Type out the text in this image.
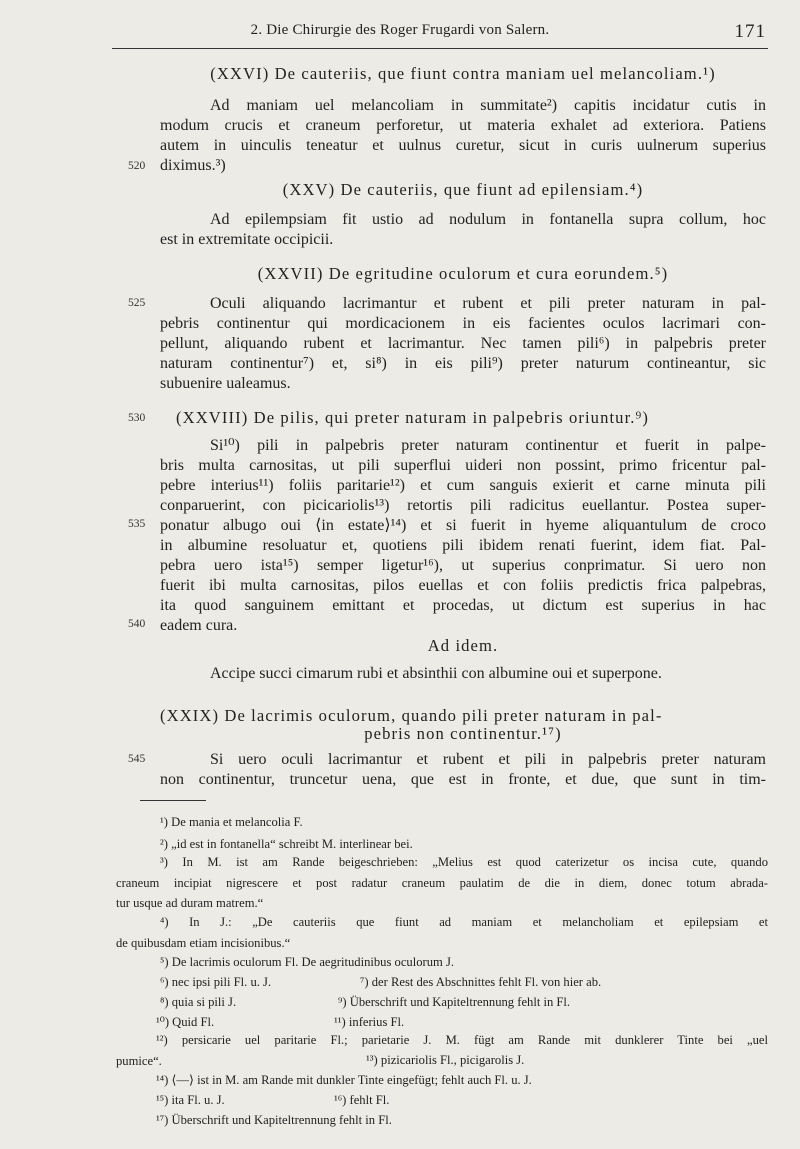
2. Die Chirurgie des Roger Frugardi von Salern.	171
(XXVI) De cauteriis, que fiunt contra maniam uel melancoliam.¹)
Ad maniam uel melancoliam in summitate²) capitis incidatur cutis in
modum crucis et craneum perforetur, ut materia exhalet ad exteriora. Patiens
autem in uinculis teneatur et uulnus curetur, sicut in curis uulnerum superius
diximus.³)
520
(XXV) De cauteriis, que fiunt ad epilensiam.⁴)
Ad epilempsiam fit ustio ad nodulum in fontanella supra collum, hoc
est in extremitate occipicii.
(XXVII) De egritudine oculorum et cura eorundem.⁵)
Oculi aliquando lacrimantur et rubent et pili preter naturam in pal-
pebris continentur qui mordicacionem in eis facientes oculos lacrimari con-
pellunt, aliquando rubent et lacrimantur. Nec tamen pili⁶) in palpebris preter
naturam continentur⁷) et, si⁸) in eis pili⁹) preter naturum contineantur, sic
subuenire ualeamus.
525
(XXVIII) De pilis, qui preter naturam in palpebris oriuntur.⁹)
530
Si¹⁰) pili in palpebris preter naturam continentur et fuerit in palpe-
bris multa carnositas, ut pili superflui uideri non possint, primo fricentur pal-
pebre interius¹¹) foliis paritarie¹²) et cum sanguis exierit et carne minuta pili
conparuerint, con picicariolis¹³) retortis pili radicitus euellantur. Postea super-
ponatur albugo oui ⟨in estate⟩¹⁴) et si fuerit in hyeme aliquantulum de croco
in albumine resoluatur et, quotiens pili ibidem renati fuerint, idem fiat. Pal-
pebra uero ista¹⁵) semper ligetur¹⁶), ut superius conprimatur. Si uero non
fuerit ibi multa carnositas, pilos euellas et con foliis predictis frica palpebras,
ita quod sanguinem emittant et procedas, ut dictum est superius in hac
eadem cura.
535
540
Ad idem.
Accipe succi cimarum rubi et absinthii con albumine oui et superpone.
(XXIX) De lacrimis oculorum, quando pili preter naturam in pal-
pebris non continentur.¹⁷)
Si uero oculi lacrimantur et rubent et pili in palpebris preter naturam
non continentur, truncetur uena, que est in fronte, et due, que sunt in tim-
545
¹) De mania et melancolia F.
²) „id est in fontanella“ schreibt M. interlinear bei.
³) In M. ist am Rande beigeschrieben: „Melius est quod caterizetur os incisa cute, quando
craneum incipiat nigrescere et post radatur craneum paulatim de die in diem, donec totum abrada-
tur usque ad duram matrem.“
⁴) In J.: „De cauteriis que fiunt ad maniam et melancholiam et epilepsiam et
de quibusdam etiam incisionibus.“
⁵) De lacrimis oculorum Fl. De aegritudinibus oculorum J.
⁶) nec ipsi pili Fl. u. J.	⁷) der Rest des Abschnittes fehlt Fl. von hier ab.
⁸) quia si pili J.	⁹) Überschrift und Kapiteltrennung fehlt in Fl.
¹⁰) Quid Fl.	¹¹) inferius Fl.
¹²) persicarie uel paritarie Fl.; parietarie J. M. fügt am Rande mit dunklerer Tinte bei „uel
pumice“.	¹³) pizicariolis Fl., picigarolis J.
¹⁴) ⟨—⟩ ist in M. am Rande mit dunkler Tinte eingefügt; fehlt auch Fl. u. J.
¹⁵) ita Fl. u. J.	¹⁶) fehlt Fl.
¹⁷) Überschrift und Kapiteltrennung fehlt in Fl.
